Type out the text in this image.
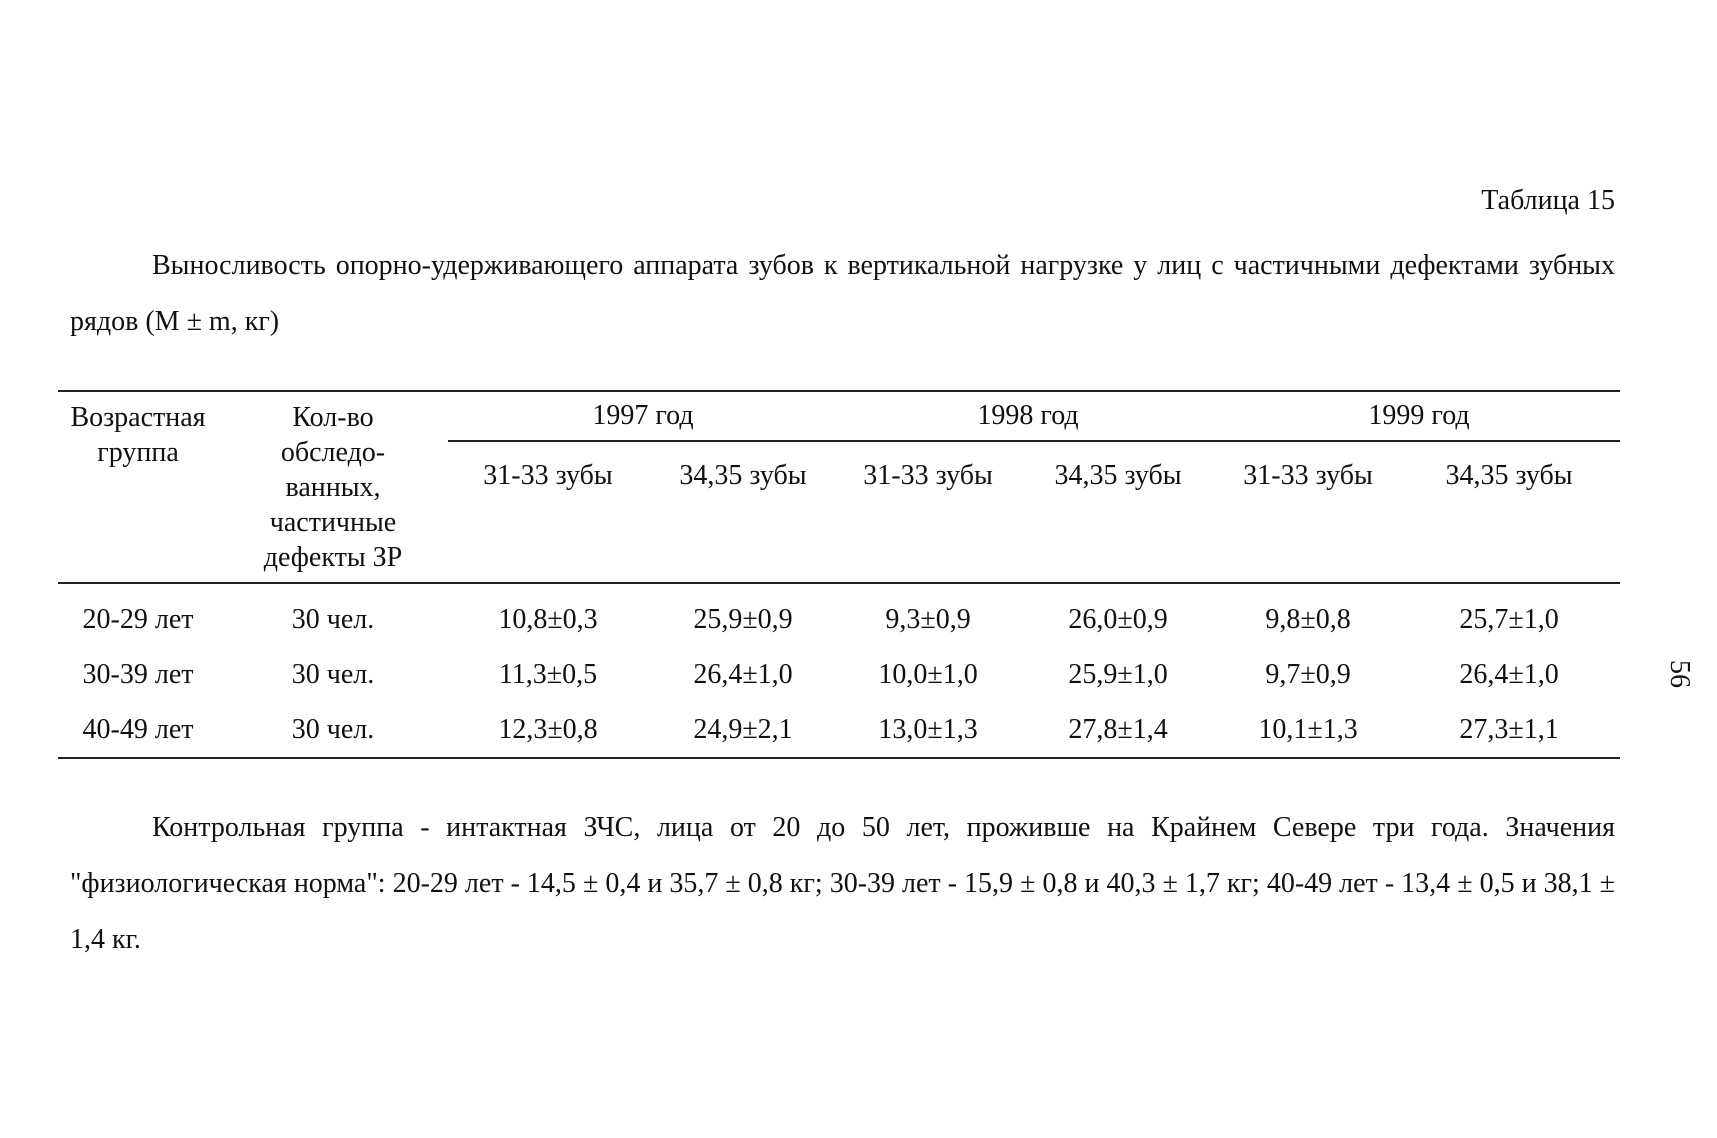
Таблица 15

Выносливость опорно-удерживающего аппарата зубов к вертикальной нагрузке у лиц с частичными дефектами зубных рядов (М ± m, кг)

Возрастная группа	Кол-во обследо-ванных, частичные дефекты ЗР	1997 год		1998 год		1999 год	
		31-33 зубы	34,35 зубы	31-33 зубы	34,35 зубы	31-33 зубы	34,35 зубы
20-29 лет	30 чел.	10,8±0,3	25,9±0,9	9,3±0,9	26,0±0,9	9,8±0,8	25,7±1,0
30-39 лет	30 чел.	11,3±0,5	26,4±1,0	10,0±1,0	25,9±1,0	9,7±0,9	26,4±1,0
40-49 лет	30 чел.	12,3±0,8	24,9±2,1	13,0±1,3	27,8±1,4	10,1±1,3	27,3±1,1

Контрольная группа - интактная ЗЧС, лица от 20 до 50 лет, проживше на Крайнем Севере три года. Значения "физиологическая норма": 20-29 лет - 14,5 ± 0,4 и 35,7 ± 0,8 кг; 30-39 лет - 15,9 ± 0,8 и 40,3 ± 1,7 кг; 40-49 лет - 13,4 ± 0,5 и 38,1 ± 1,4 кг.

56
